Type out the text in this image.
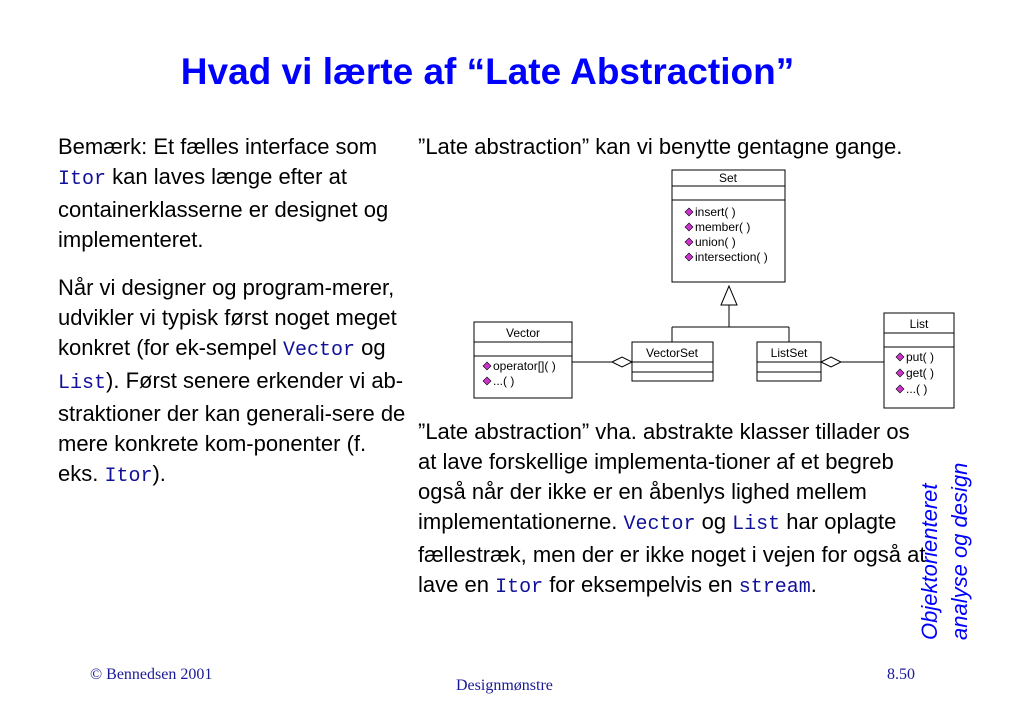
Hvad vi lærte af “Late Abstraction”

Bemærk: Et fælles interface som Itor kan laves længe efter at containerklasserne er designet og implementeret.

Når vi designer og program-merer, udvikler vi typisk først noget meget konkret (for ek-sempel Vector og List). Først senere erkender vi ab-straktioner der kan generali-sere de mere konkrete kom-ponenter (f. eks. Itor).

”Late abstraction” kan vi benytte gentagne gange.
”Late abstraction” vha. abstrakte klasser tillader os at lave forskellige implementa-tioner af et begreb også når der ikke er en åbenlys lighed mellem implementationerne. Vector og List har oplagte fællestræk, men der er ikke noget i vejen for også at lave en Itor for eksempelvis en stream.
Set
insert( )
member( )
union( )
intersection( )
Vector
operator[]( )
...( )
VectorSet	ListSet
List
put( )
get( )
...( )
Objektorienteret analyse og design
© Bennedsen 2001
Designmønstre
8.50
